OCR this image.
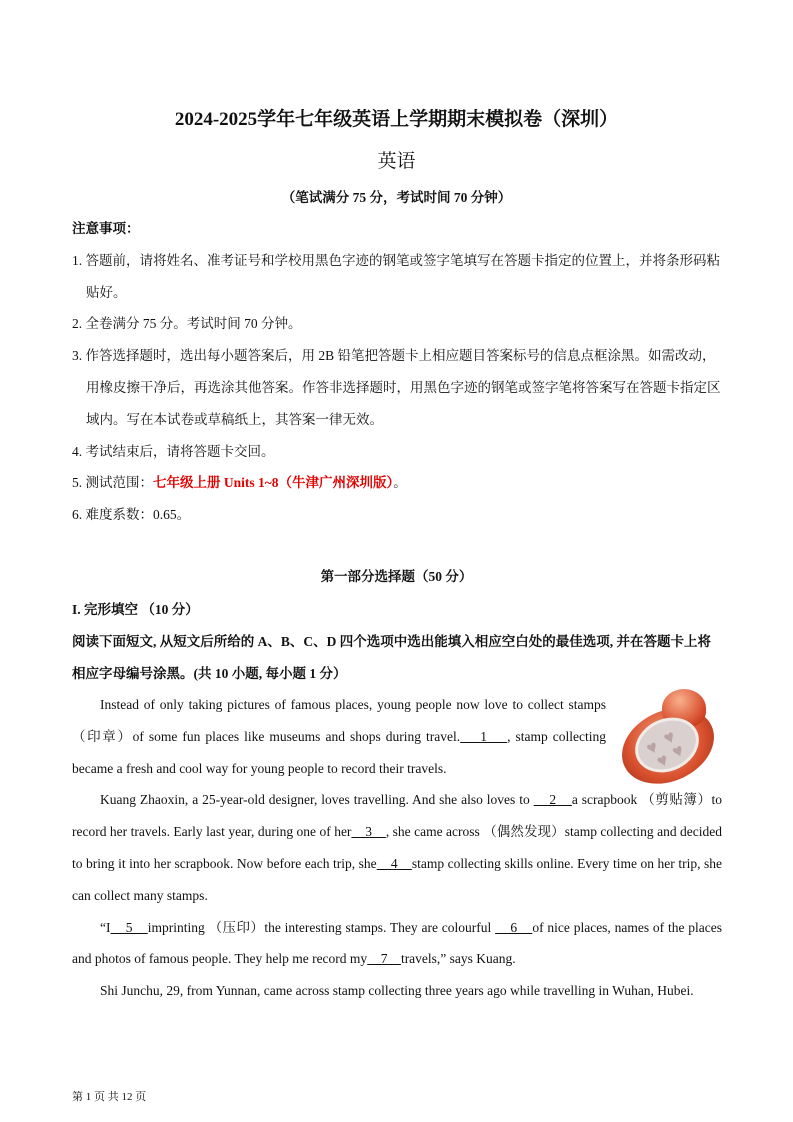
2024-2025学年七年级英语上学期期末模拟卷（深圳）
英语
（笔试满分 75 分，考试时间 70 分钟）
注意事项：
1. 答题前，请将姓名、准考证号和学校用黑色字迹的钢笔或签字笔填写在答题卡指定的位置上，并将条形码粘贴好。
2. 全卷满分 75 分。考试时间 70 分钟。
3. 作答选择题时，选出每小题答案后，用 2B 铅笔把答题卡上相应题目答案标号的信息点框涂黑。如需改动，用橡皮擦干净后，再选涂其他答案。作答非选择题时，用黑色字迹的钢笔或签字笔将答案写在答题卡指定区域内。写在本试卷或草稿纸上，其答案一律无效。
4. 考试结束后，请将答题卡交回。
5. 测试范围：七年级上册 Units 1~8（牛津广州深圳版）。
6. 难度系数：0.65。
第一部分选择题（50 分）
I. 完形填空 （10 分）
阅读下面短文, 从短文后所给的 A、B、C、D 四个选项中选出能填入相应空白处的最佳选项, 并在答题卡上将相应字母编号涂黑。(共 10 小题, 每小题 1 分）
♥ ♥
♥
♥

Instead of only taking pictures of famous places, young people now love to collect stamps（印章）of some fun places like museums and shops during travel.    1    , stamp collecting became a fresh and cool way for young people to record their travels.

Kuang Zhaoxin, a 25-year-old designer, loves travelling. And she also loves to     2    a scrapbook （剪贴簿）to record her travels. Early last year, during one of her    3    , she came across （偶然发现）stamp collecting and decided to bring it into her scrapbook. Now before each trip, she    4    stamp collecting skills online. Every time on her trip, she can collect many stamps.

“I    5    imprinting （压印）the interesting stamps. They are colourful     6    of nice places, names of the places and photos of famous people. They help me record my    7    travels,” says Kuang.

Shi Junchu, 29, from Yunnan, came across stamp collecting three years ago while travelling in Wuhan, Hubei.

第 1 页 共 12 页
